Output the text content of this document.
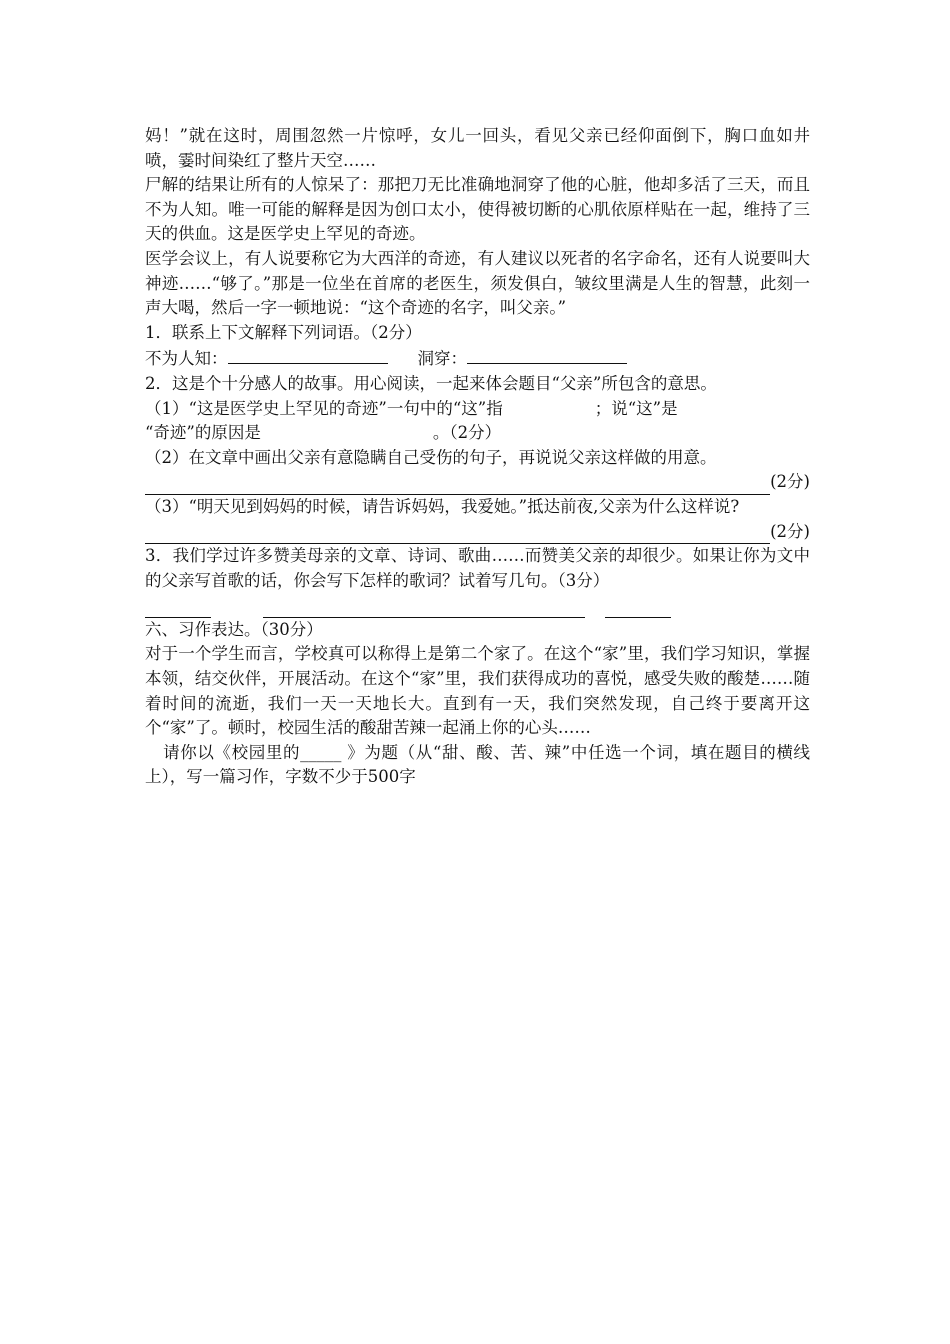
妈！”就在这时，周围忽然一片惊呼，女儿一回头，看见父亲已经仰面倒下，胸口血如井喷，霎时间染红了整片天空……

尸解的结果让所有的人惊呆了：那把刀无比准确地洞穿了他的心脏，他却多活了三天，而且不为人知。唯一可能的解释是因为创口太小，使得被切断的心肌依原样贴在一起，维持了三天的供血。这是医学史上罕见的奇迹。

医学会议上，有人说要称它为大西洋的奇迹，有人建议以死者的名字命名，还有人说要叫大神迹……“够了。”那是一位坐在首席的老医生，须发俱白，皱纹里满是人生的智慧，此刻一声大喝，然后一字一顿地说：“这个奇迹的名字，叫父亲。”

1．联系上下文解释下列词语。（2分）

不为人知：	洞穿：

2．这是个十分感人的故事。用心阅读，一起来体会题目“父亲”所包含的意思。

（1）“这是医学史上罕见的奇迹”一句中的“这”指	；说“这”是
“奇迹”的原因是	。（2分）

（2）在文章中画出父亲有意隐瞒自己受伤的句子，再说说父亲这样做的用意。

(2分)

（3）“明天见到妈妈的时候，请告诉妈妈，我爱她。”抵达前夜,父亲为什么这样说?

(2分)

3．我们学过许多赞美母亲的文章、诗词、歌曲……而赞美父亲的却很少。如果让你为文中的父亲写首歌的话，你会写下怎样的歌词？试着写几句。（3分）

六、习作表达。（30分）

对于一个学生而言，学校真可以称得上是第二个家了。在这个“家”里，我们学习知识，掌握本领，结交伙伴，开展活动。在这个“家”里，我们获得成功的喜悦，感受失败的酸楚……随着时间的流逝，我们一天一天地长大。直到有一天，我们突然发现，自己终于要离开这个“家”了。顿时，校园生活的酸甜苦辣一起涌上你的心头……

请你以《校园里的_____ 》为题（从“甜、酸、苦、辣”中任选一个词，填在题目的横线上），写一篇习作，字数不少于500字
